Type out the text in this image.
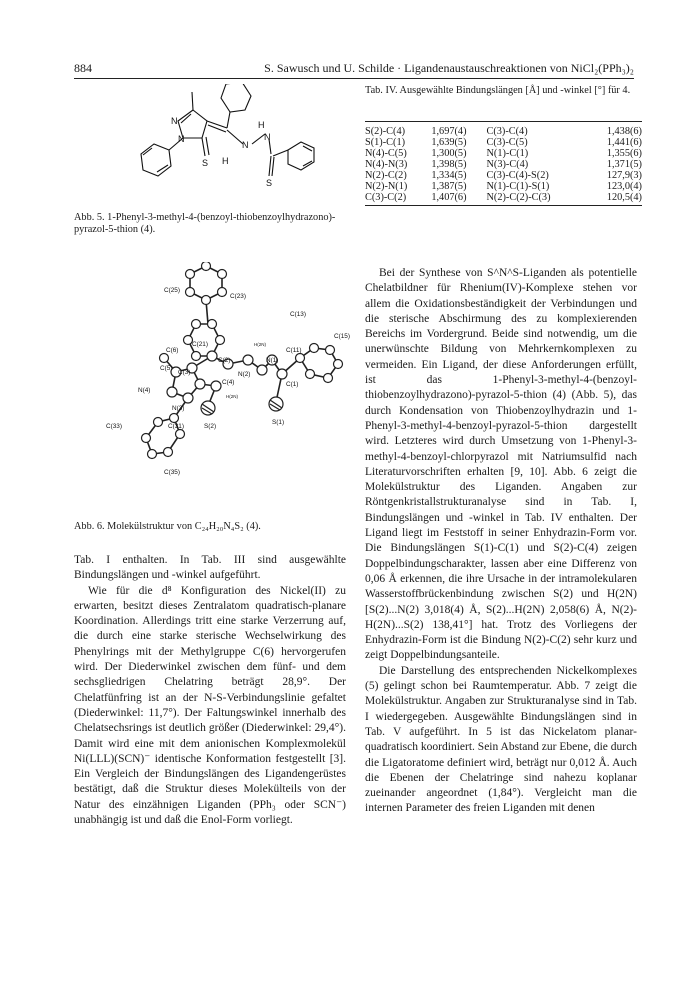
884	S. Sawusch und U. Schilde · Ligandenaustauschreaktionen von NiCl₂(PPh₃)₂
N
N
S H
N
N
H
S
Abb. 5. 1-Phenyl-3-methyl-4-(benzoyl-thiobenzoylhydrazono)-pyrazol-5-thion (4).
C(25)
C(23)
C(13)
C(21)
C(15)
C(6)
H(2N)
N(1)
C(11)
C(5)
C(3)
C(2)
N(2)
C(1)
N(4)
C(4)
H(2N)
N(3)
S(1)
C(31)	S(2)
C(33)
C(35)
Abb. 6. Molekülstruktur von C₂₄H₂₀N₄S₂ (4).

Tab. I enthalten. In Tab. III sind ausgewählte Bindungslängen und -winkel aufgeführt.

Wie für die d⁸ Konfiguration des Nickel(II) zu erwarten, besitzt dieses Zentralatom quadratisch-planare Koordination. Allerdings tritt eine starke Verzerrung auf, die durch eine starke sterische Wechselwirkung des Phenylrings mit der Methylgruppe C(6) hervorgerufen wird. Der Diederwinkel zwischen dem fünf- und dem sechsgliedrigen Chelatring beträgt 28,9°. Der Chelatfünfring ist an der N-S-Verbindungslinie gefaltet (Diederwinkel: 11,7°). Der Faltungswinkel innerhalb des Chelatsechsrings ist deutlich größer (Diederwinkel: 29,4°). Damit wird eine mit dem anionischen Komplexmolekül Ni(LLL)(SCN)⁻ identische Konformation festgestellt [3]. Ein Vergleich der Bindungslängen des Ligandengerüstes bestätigt, daß die Struktur dieses Molekülteils von der Natur des einzähnigen Liganden (PPh₃ oder SCN⁻) unabhängig ist und daß die Enol-Form vorliegt.

Tab. IV. Ausgewählte Bindungslängen [Å] und -winkel [°] für 4.
S(2)-C(4)	1,697(4)	C(3)-C(4)	1,438(6)
S(1)-C(1)	1,639(5)	C(3)-C(5)	1,441(6)
N(4)-C(5)	1,300(5)	N(1)-C(1)	1,355(6)
N(4)-N(3)	1,398(5)	N(3)-C(4)	1,371(5)
N(2)-C(2)	1,334(5)	C(3)-C(4)-S(2)	127,9(3)
N(2)-N(1)	1,387(5)	N(1)-C(1)-S(1)	123,0(4)
C(3)-C(2)	1,407(6)	N(2)-C(2)-C(3)	120,5(4)

Bei der Synthese von S^N^S-Liganden als potentielle Chelatbildner für Rhenium(IV)-Komplexe stehen vor allem die Oxidationsbeständigkeit der Verbindungen und die sterische Abschirmung des zu komplexierenden Bereichs im Vordergrund. Beide sind notwendig, um die unerwünschte Bildung von Mehrkernkomplexen zu vermeiden. Ein Ligand, der diese Anforderungen erfüllt, ist das 1-Phenyl-3-methyl-4-(benzoyl-thiobenzoylhydrazono)-pyrazol-5-thion (4) (Abb. 5), das durch Kondensation von Thiobenzoylhydrazin und 1-Phenyl-3-methyl-4-benzoyl-pyrazol-5-thion dargestellt wird. Letzteres wird durch Umsetzung von 1-Phenyl-3-methyl-4-benzoyl-chlorpyrazol mit Natriumsulfid nach Literaturvorschriften erhalten [9, 10]. Abb. 6 zeigt die Molekülstruktur des Liganden. Angaben zur Röntgenkristallstrukturanalyse sind in Tab. I, Bindungslängen und -winkel in Tab. IV enthalten. Der Ligand liegt im Feststoff in seiner Enhydrazin-Form vor. Die Bindungslängen S(1)-C(1) und S(2)-C(4) zeigen Doppelbindungscharakter, lassen aber eine Differenz von 0,06 Å erkennen, die ihre Ursache in der intramolekularen Wasserstoffbrückenbindung zwischen S(2) und H(2N) [S(2)...N(2) 3,018(4) Å, S(2)...H(2N) 2,058(6) Å, N(2)-H(2N)...S(2) 138,41°] hat. Trotz des Vorliegens der Enhydrazin-Form ist die Bindung N(2)-C(2) sehr kurz und zeigt Doppelbindungsanteile.

Die Darstellung des entsprechenden Nickelkomplexes (5) gelingt schon bei Raumtemperatur. Abb. 7 zeigt die Molekülstruktur. Angaben zur Strukturanalyse sind in Tab. I wiedergegeben. Ausgewählte Bindungslängen sind in Tab. V aufgeführt. In 5 ist das Nickelatom planar-quadratisch koordiniert. Sein Abstand zur Ebene, die durch die Ligatoratome definiert wird, beträgt nur 0,012 Å. Auch die Ebenen der Chelatringe sind nahezu koplanar zueinander angeordnet (1,84°). Vergleicht man die internen Parameter des freien Liganden mit denen
